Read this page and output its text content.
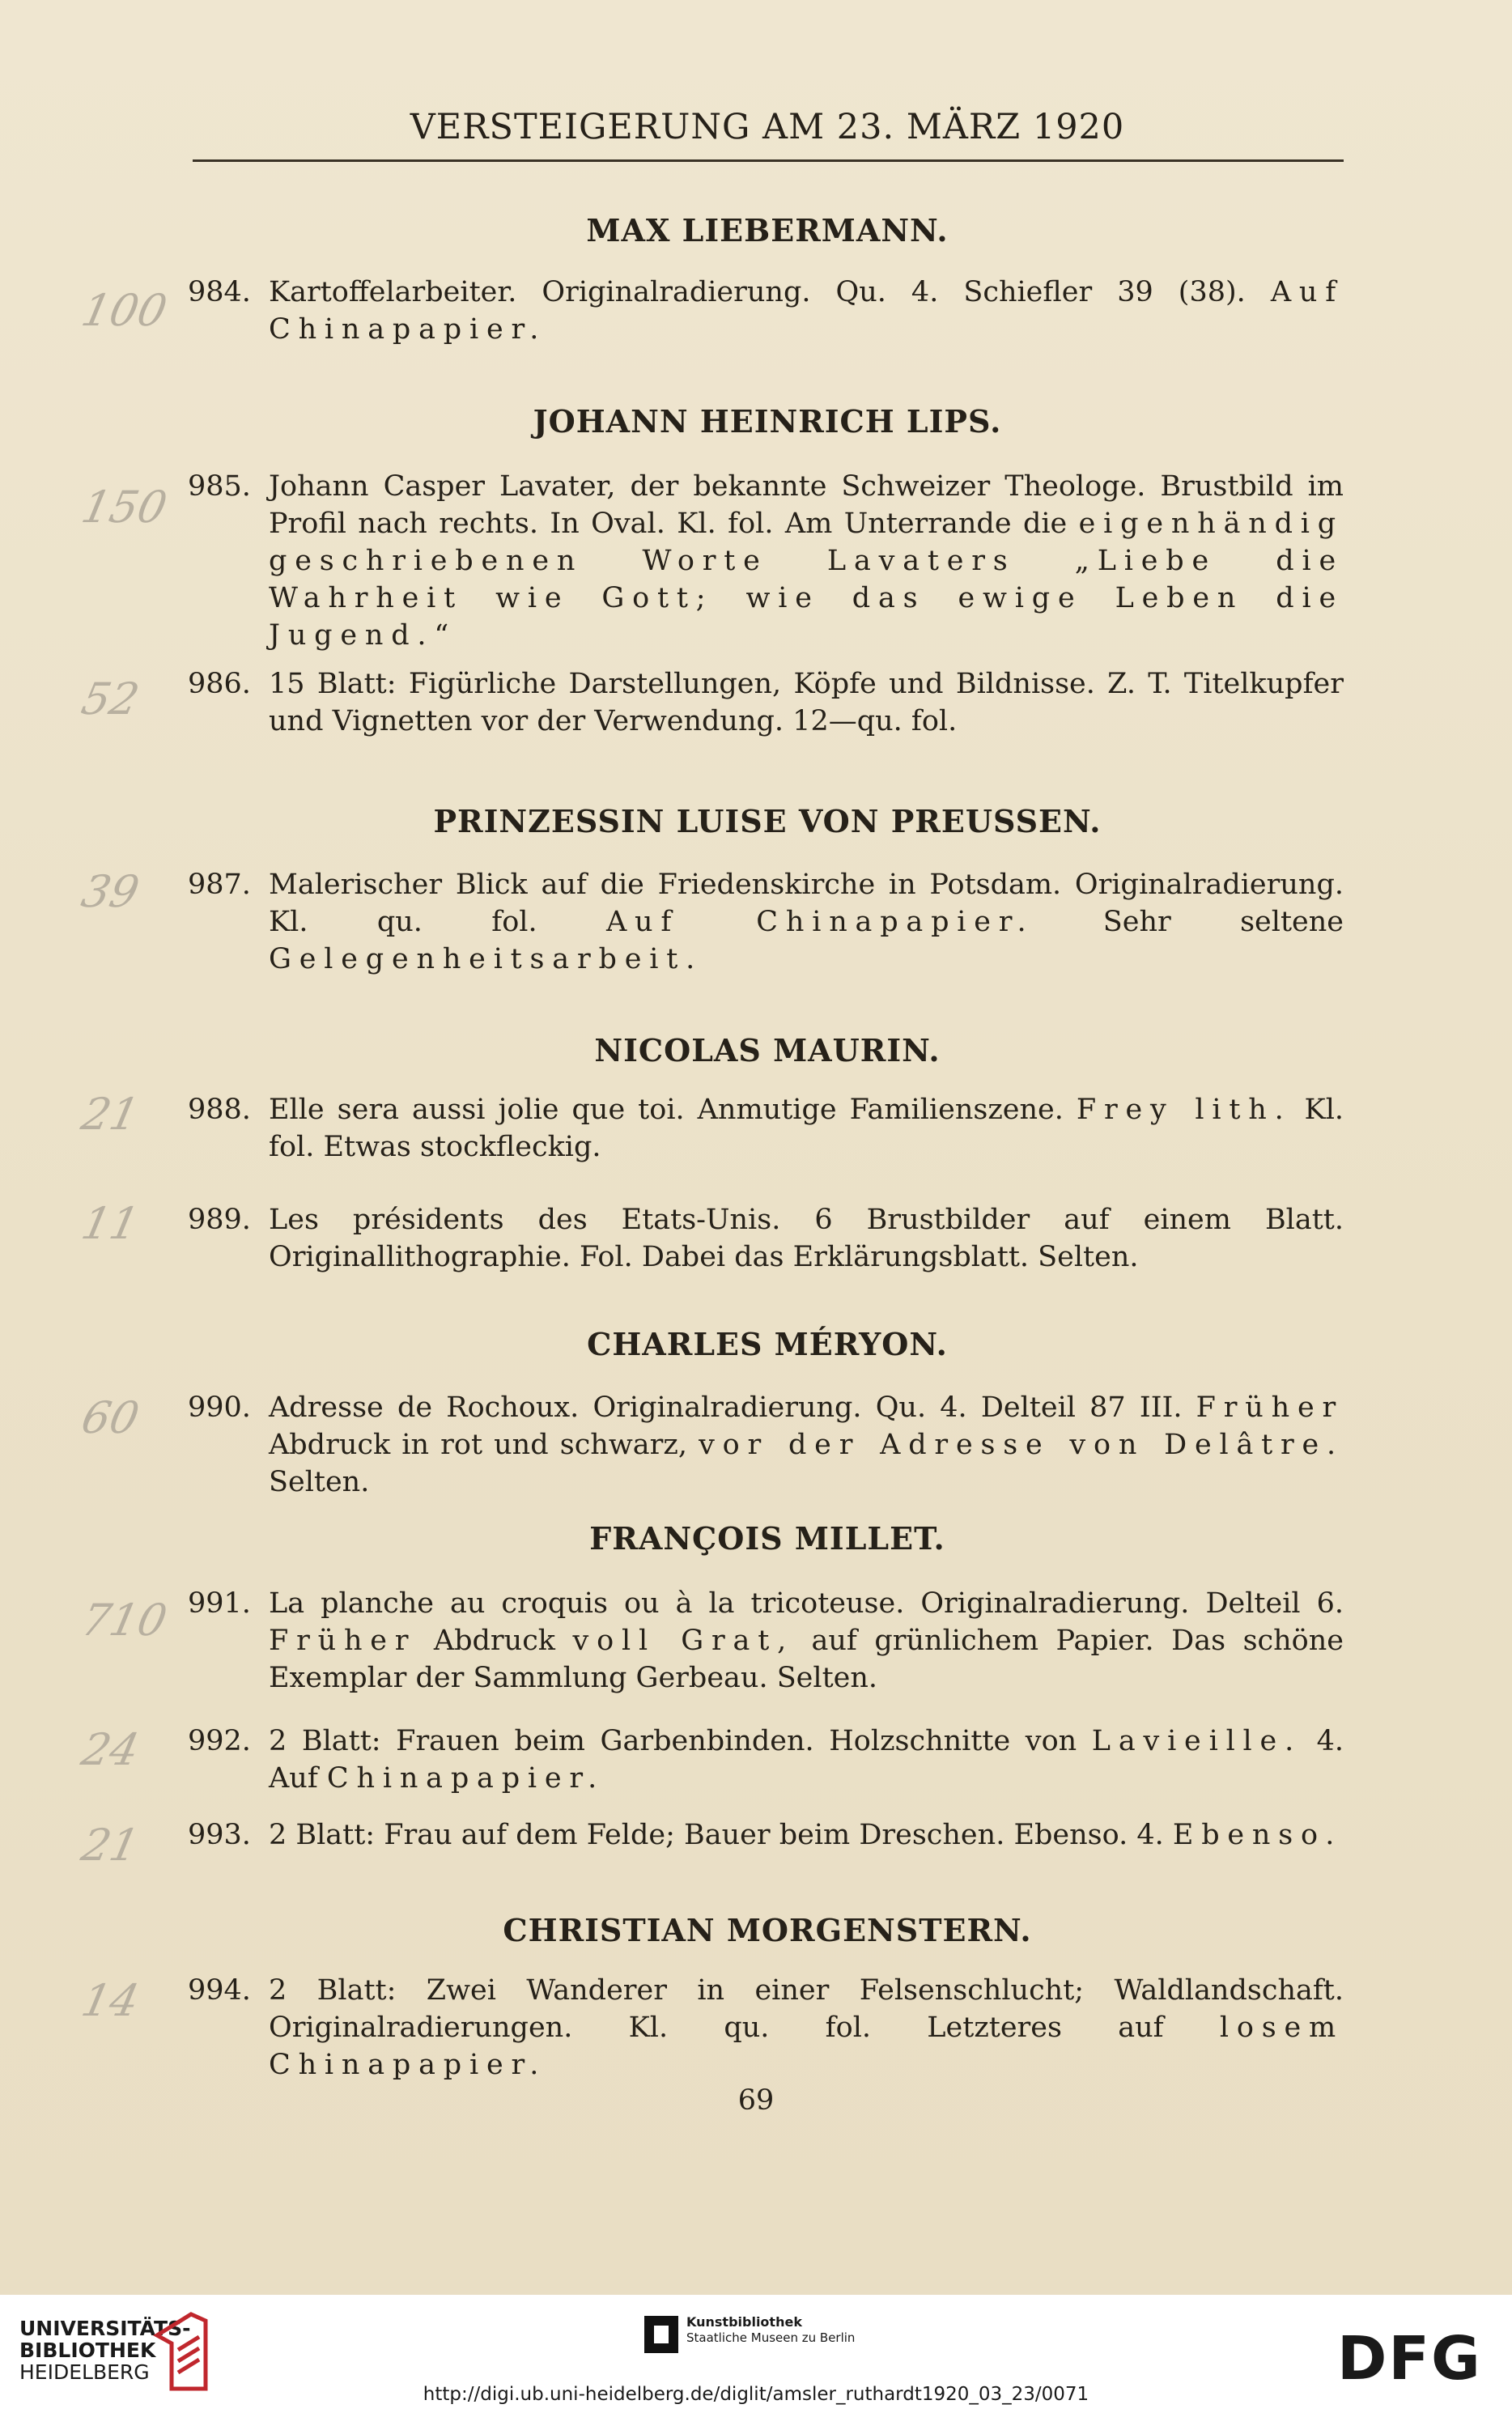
VERSTEIGERUNG AM 23. MÄRZ 1920
MAX LIEBERMANN.
100 984. Kartoffelarbeiter. Originalradierung. Qu. 4. Schiefler 39 (38). Auf Chinapapier.
JOHANN HEINRICH LIPS.
150 985. Johann Casper Lavater, der bekannte Schweizer Theologe. Brustbild im Profil nach rechts. In Oval. Kl. fol. Am Unterrande die eigenhändig geschriebenen Worte Lavaters „Liebe die Wahrheit wie Gott; wie das ewige Leben die Jugend.“
52 986. 15 Blatt: Figürliche Darstellungen, Köpfe und Bildnisse. Z. T. Titelkupfer und Vignetten vor der Verwendung. 12—qu. fol.
PRINZESSIN LUISE VON PREUSSEN.
39 987. Malerischer Blick auf die Friedenskirche in Potsdam. Originalradierung. Kl. qu. fol. Auf Chinapapier. Sehr seltene Gelegenheitsarbeit.
NICOLAS MAURIN.
21 988. Elle sera aussi jolie que toi. Anmutige Familienszene. Frey lith. Kl. fol. Etwas stockfleckig.
11 989. Les présidents des Etats-Unis. 6 Brustbilder auf einem Blatt. Originallithographie. Fol. Dabei das Erklärungsblatt. Selten.
CHARLES MÉRYON.
60 990. Adresse de Rochoux. Originalradierung. Qu. 4. Delteil 87 III. Früher Abdruck in rot und schwarz, vor der Adresse von Delâtre. Selten.
FRANÇOIS MILLET.
710 991. La planche au croquis ou à la tricoteuse. Originalradierung. Delteil 6. Früher Abdruck voll Grat, auf grünlichem Papier. Das schöne Exemplar der Sammlung Gerbeau. Selten.
24 992. 2 Blatt: Frauen beim Garbenbinden. Holzschnitte von Lavieille. 4. Auf Chinapapier.
21 993. 2 Blatt: Frau auf dem Felde; Bauer beim Dreschen. Ebenso. 4. Ebenso.
CHRISTIAN MORGENSTERN.
14 994. 2 Blatt: Zwei Wanderer in einer Felsenschlucht; Waldlandschaft. Originalradierungen. Kl. qu. fol. Letzteres auf losem Chinapapier.
69
UNIVERSITÄTS-
BIBLIOTHEK
HEIDELBERG
Kunstbibliothek
Staatliche Museen zu Berlin	DFG
http://digi.ub.uni-heidelberg.de/diglit/amsler_ruthardt1920_03_23/0071
